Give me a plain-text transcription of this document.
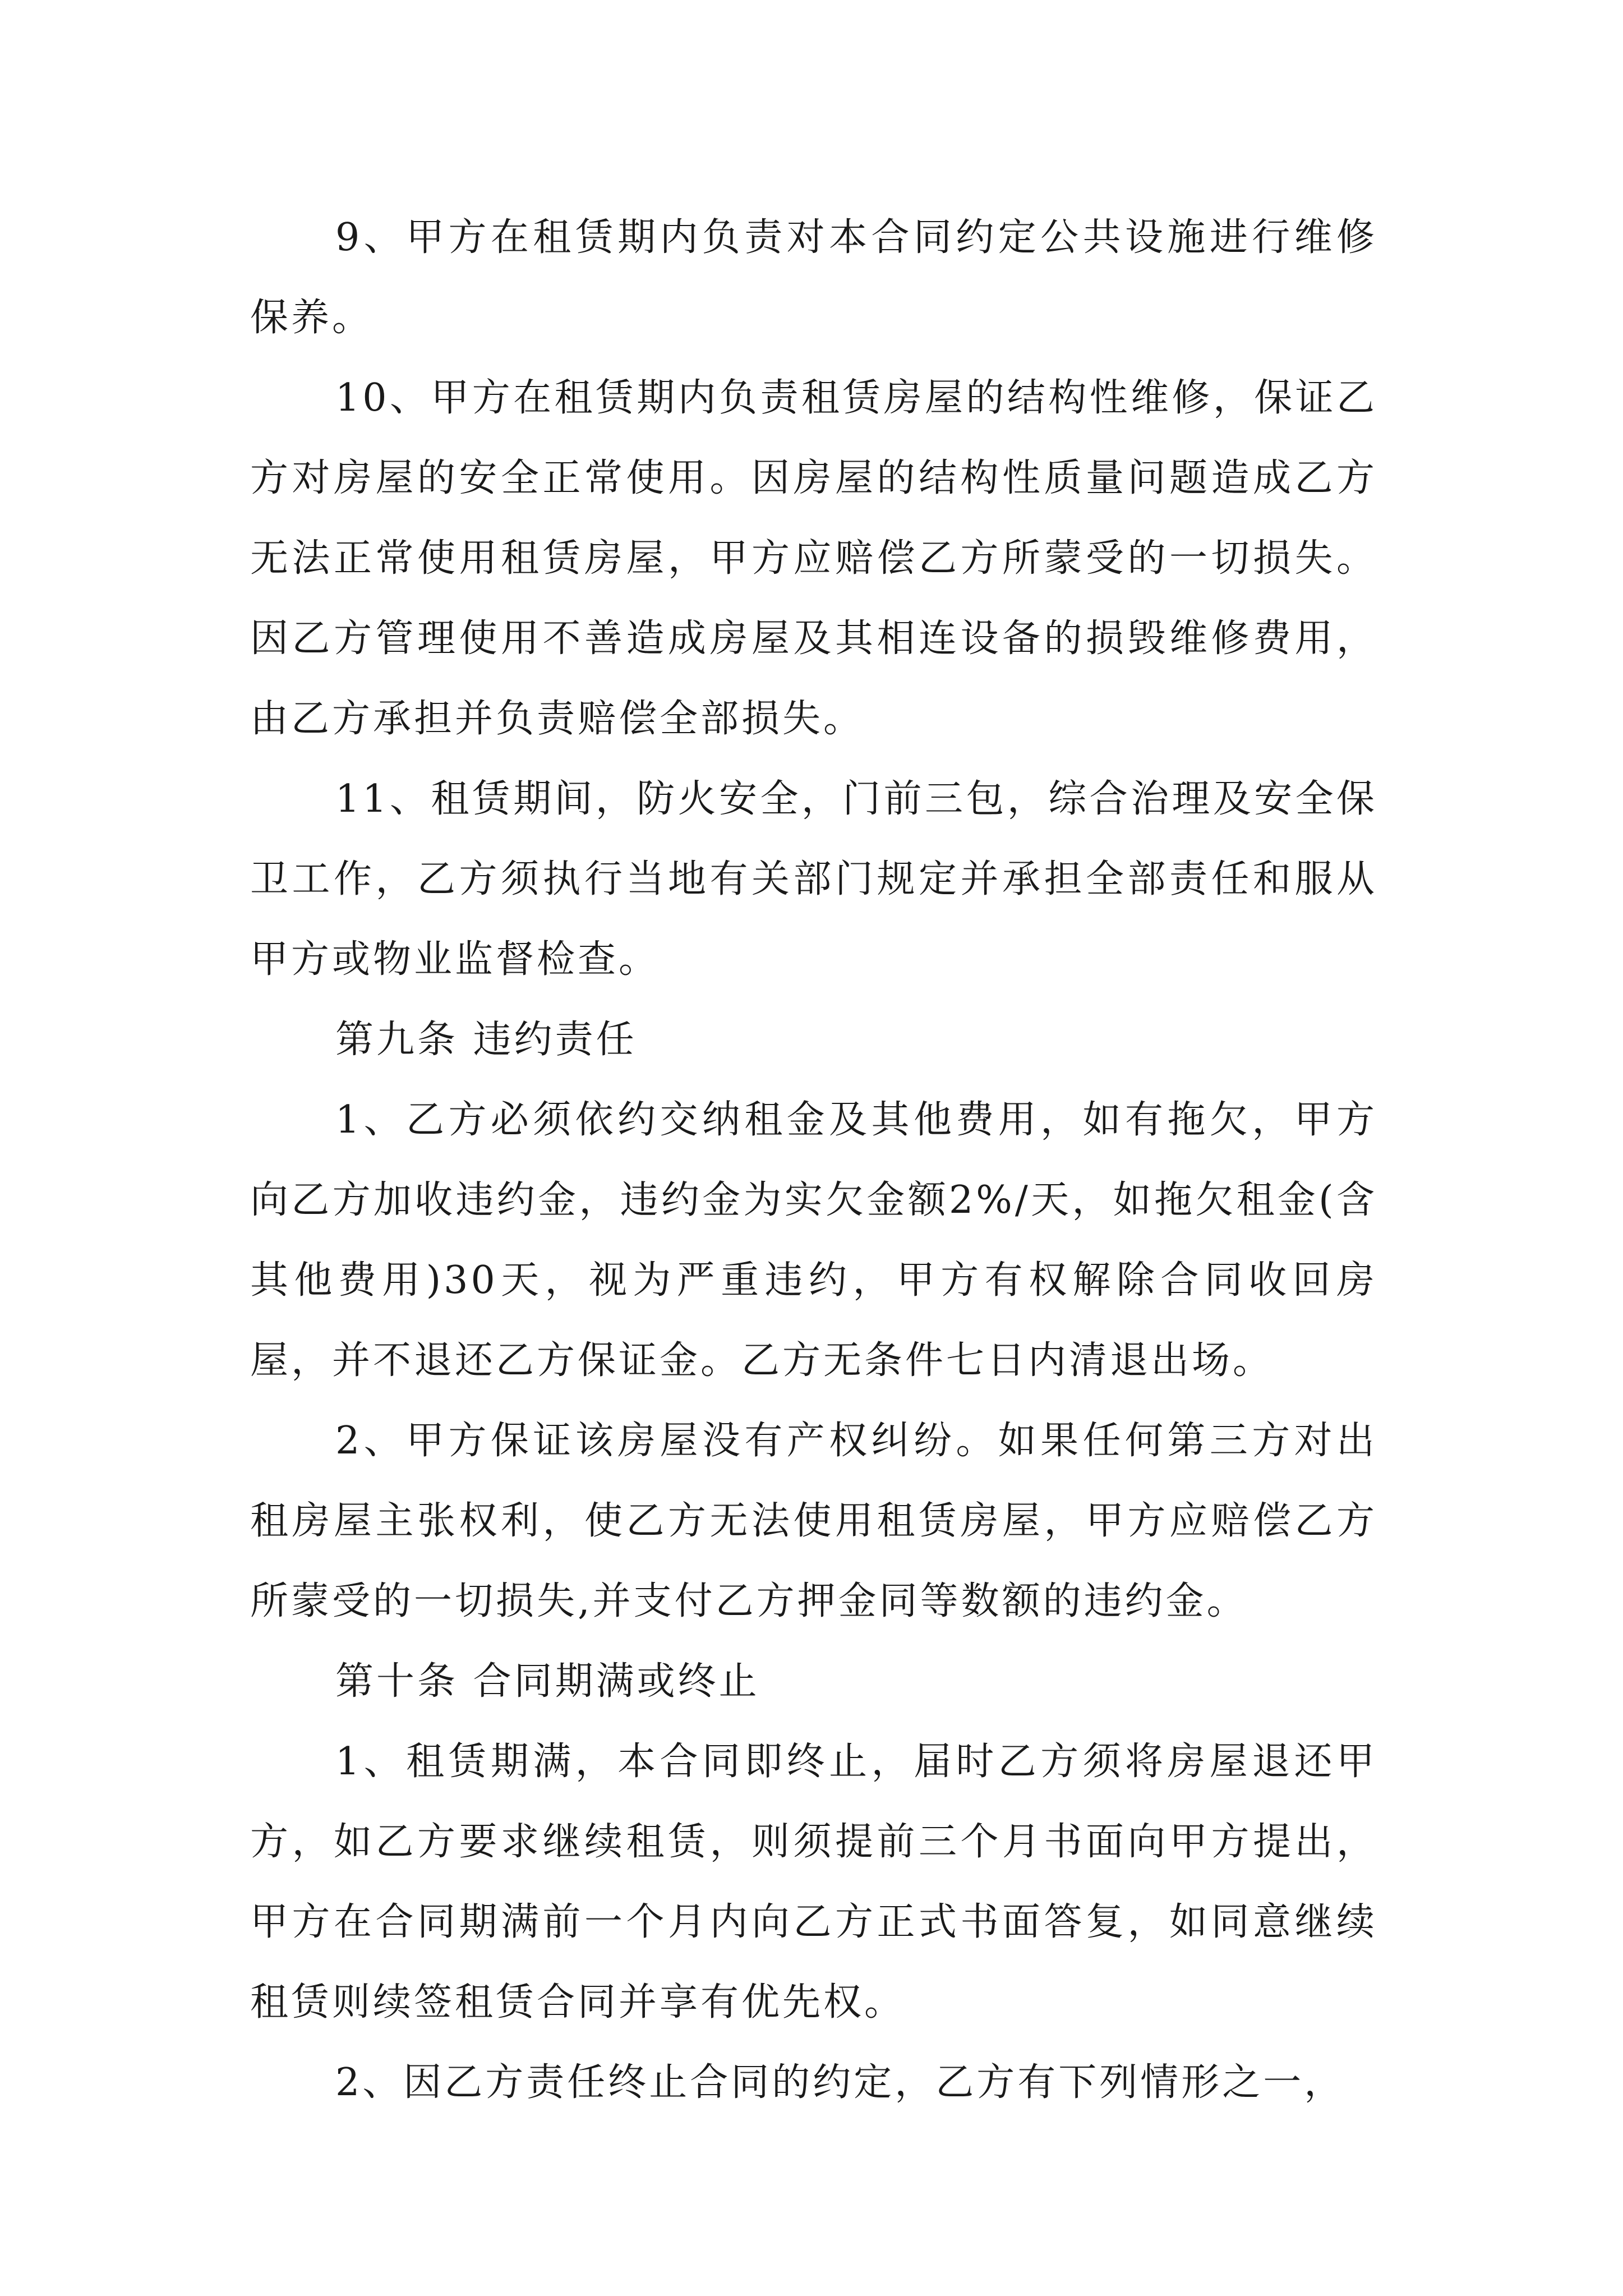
9、甲方在租赁期内负责对本合同约定公共设施进行维修保养。

10、甲方在租赁期内负责租赁房屋的结构性维修，保证乙方对房屋的安全正常使用。因房屋的结构性质量问题造成乙方无法正常使用租赁房屋，甲方应赔偿乙方所蒙受的一切损失。因乙方管理使用不善造成房屋及其相连设备的损毁维修费用，由乙方承担并负责赔偿全部损失。

11、租赁期间，防火安全，门前三包，综合治理及安全保卫工作，乙方须执行当地有关部门规定并承担全部责任和服从甲方或物业监督检查。

第九条 违约责任

1、乙方必须依约交纳租金及其他费用，如有拖欠，甲方向乙方加收违约金，违约金为实欠金额2%/天，如拖欠租金(含其他费用)30天，视为严重违约，甲方有权解除合同收回房屋，并不退还乙方保证金。乙方无条件七日内清退出场。

2、甲方保证该房屋没有产权纠纷。如果任何第三方对出租房屋主张权利，使乙方无法使用租赁房屋，甲方应赔偿乙方所蒙受的一切损失,并支付乙方押金同等数额的违约金。

第十条 合同期满或终止

1、租赁期满，本合同即终止，届时乙方须将房屋退还甲方，如乙方要求继续租赁，则须提前三个月书面向甲方提出，甲方在合同期满前一个月内向乙方正式书面答复，如同意继续租赁则续签租赁合同并享有优先权。

2、因乙方责任终止合同的约定，乙方有下列情形之一，
